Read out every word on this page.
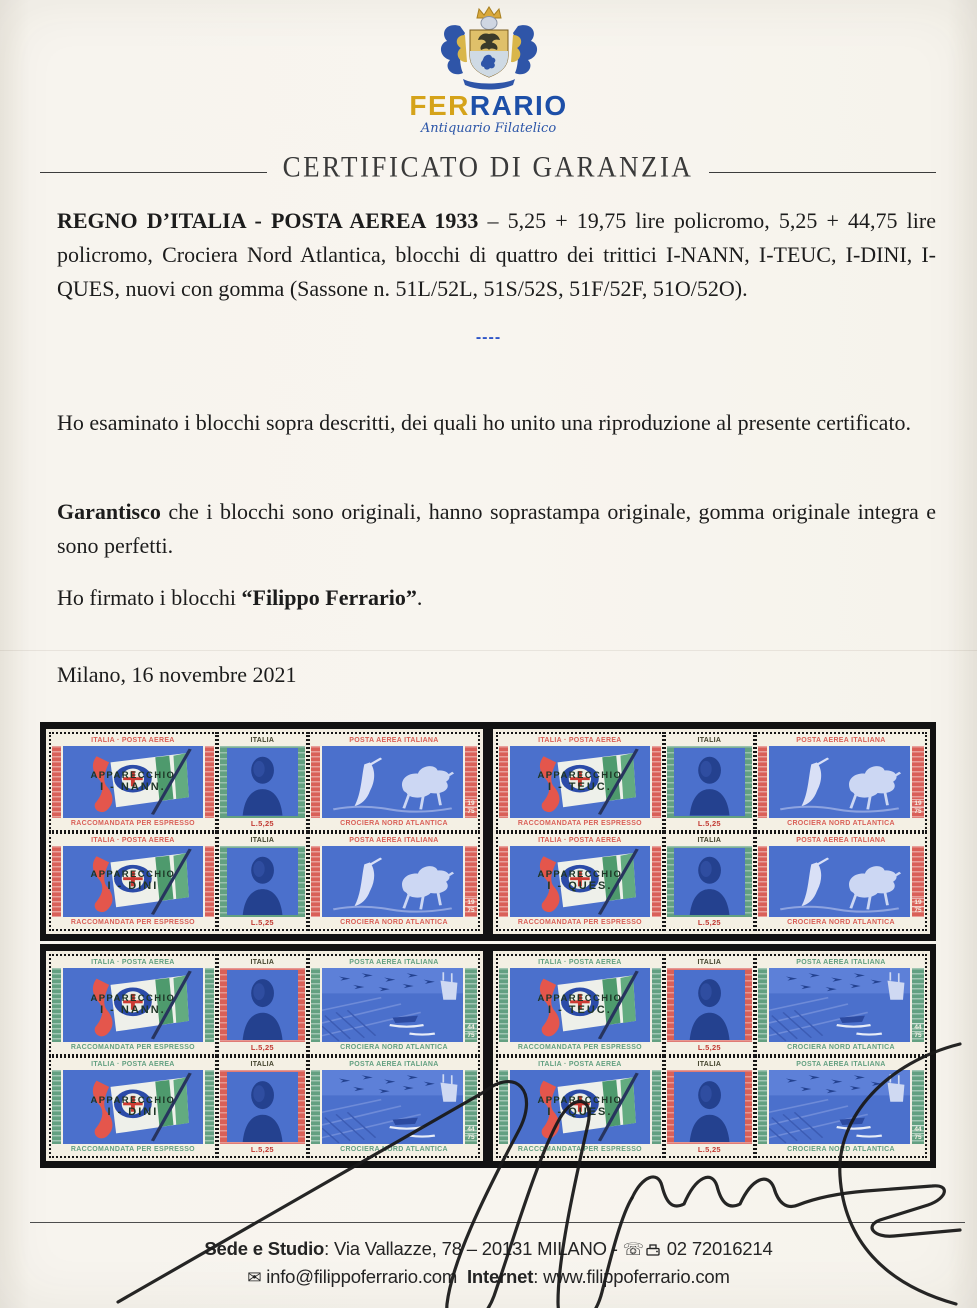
FERRARIO
Antiquario Filatelico
CERTIFICATO DI GARANZIA

REGNO D’ITALIA - POSTA AEREA 1933 – 5,25 + 19,75 lire policromo, 5,25 + 44,75 lire policromo, Crociera Nord Atlantica, blocchi di quattro dei trittici I-NANN, I-TEUC, I-DINI, I-QUES, nuovi con gomma (Sassone n. 51L/52L, 51S/52S, 51F/52F, 51O/52O).

----

Ho esaminato i blocchi sopra descritti, dei quali ho unito una riproduzione al presente certificato.

Garantisco che i blocchi sono originali, hanno soprastampa originale, gomma originale integra e sono perfetti.

Ho firmato i blocchi “Filippo Ferrario”.

Milano, 16 novembre 2021

ITALIA · POSTA AEREA
APPARECCHIO
I - NANN.
RACCOMANDATA PER ESPRESSO
ITALIA
L.5,25
POSTA AEREA ITALIANA
$\frac{19}{75}$
CROCIERA NORD ATLANTICA
ITALIA · POSTA AEREA
APPARECCHIO
I - DINI
RACCOMANDATA PER ESPRESSO
ITALIA
L.5,25
POSTA AEREA ITALIANA
$\frac{19}{75}$
CROCIERA NORD ATLANTICA
ITALIA · POSTA AEREA
APPARECCHIO
I - TEUC.
RACCOMANDATA PER ESPRESSO
ITALIA
L.5,25
POSTA AEREA ITALIANA
$\frac{19}{75}$
CROCIERA NORD ATLANTICA
ITALIA · POSTA AEREA
APPARECCHIO
I - QUES.
RACCOMANDATA PER ESPRESSO
ITALIA
L.5,25
POSTA AEREA ITALIANA
$\frac{19}{75}$
CROCIERA NORD ATLANTICA
ITALIA · POSTA AEREA
APPARECCHIO
I - NANN.
RACCOMANDATA PER ESPRESSO
ITALIA
L.5,25
POSTA AEREA ITALIANA
$\frac{44}{75}$
CROCIERA NORD ATLANTICA
ITALIA · POSTA AEREA
APPARECCHIO
I - DINI
RACCOMANDATA PER ESPRESSO
ITALIA
L.5,25
POSTA AEREA ITALIANA
$\frac{44}{75}$
CROCIERA NORD ATLANTICA
ITALIA · POSTA AEREA
APPARECCHIO
I - TEUC.
RACCOMANDATA PER ESPRESSO
ITALIA
L.5,25
POSTA AEREA ITALIANA
$\frac{44}{75}$
CROCIERA NORD ATLANTICA
ITALIA · POSTA AEREA
APPARECCHIO
I - QUES.
RACCOMANDATA PER ESPRESSO
ITALIA
L.5,25
POSTA AEREA ITALIANA
$\frac{44}{75}$
CROCIERA NORD ATLANTICA
Sede e Studio: Via Vallazze, 78 – 20131 MILANO - ☏ 02 72016214
✉ info@filippoferrario.com Internet: www.filippoferrario.com
